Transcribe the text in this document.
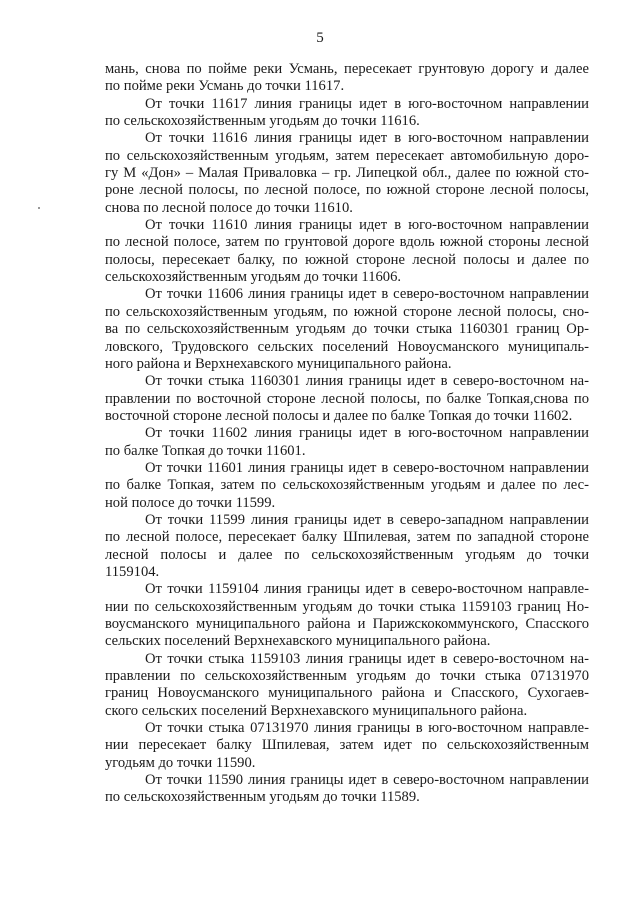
5
мань, снова по пойме реки Усмань, пересекает грунтовую дорогу и далее
по пойме реки Усмань до точки 11617.
От точки 11617 линия границы идет в юго-восточном направлении
по сельскохозяйственным угодьям до точки 11616.
От точки 11616 линия границы идет в юго-восточном направлении
по сельскохозяйственным угодьям, затем пересекает автомобильную доро-
гу М «Дон» – Малая Приваловка – гр. Липецкой обл., далее по южной сто-
роне лесной полосы, по лесной полосе, по южной стороне лесной полосы,
снова по лесной полосе до точки 11610.
От точки 11610 линия границы идет в юго-восточном направлении
по лесной полосе, затем по грунтовой дороге вдоль южной стороны лесной
полосы, пересекает балку, по южной стороне лесной полосы и далее по
сельскохозяйственным угодьям до точки 11606.
От точки 11606 линия границы идет в северо-восточном направлении
по сельскохозяйственным угодьям, по южной стороне лесной полосы, сно-
ва по сельскохозяйственным угодьям до точки стыка 1160301 границ Ор-
ловского, Трудовского сельских поселений Новоусманского муниципаль-
ного района и Верхнехавского муниципального района.
От точки стыка 1160301 линия границы идет в северо-восточном на-
правлении по восточной стороне лесной полосы, по балке Топкая,снова по
восточной стороне лесной полосы и далее по балке Топкая до точки 11602.
От точки 11602 линия границы идет в юго-восточном направлении
по балке Топкая до точки 11601.
От точки 11601 линия границы идет в северо-восточном направлении
по балке Топкая, затем по сельскохозяйственным угодьям и далее по лес-
ной полосе до точки 11599.
От точки 11599 линия границы идет в северо-западном направлении
по лесной полосе, пересекает балку Шпилевая, затем по западной стороне
лесной полосы и далее по сельскохозяйственным угодьям до точки
1159104.
От точки 1159104 линия границы идет в северо-восточном направле-
нии по сельскохозяйственным угодьям до точки стыка 1159103 границ Но-
воусманского муниципального района и Парижскокоммунского, Спасского
сельских поселений Верхнехавского муниципального района.
От точки стыка 1159103 линия границы идет в северо-восточном на-
правлении по сельскохозяйственным угодьям до точки стыка 07131970
границ Новоусманского муниципального района и Спасского, Сухогаев-
ского сельских поселений Верхнехавского муниципального района.
От точки стыка 07131970 линия границы в юго-восточном направле-
нии пересекает балку Шпилевая, затем идет по сельскохозяйственным
угодьям до точки 11590.
От точки 11590 линия границы идет в северо-восточном направлении
по сельскохозяйственным угодьям до точки 11589.
